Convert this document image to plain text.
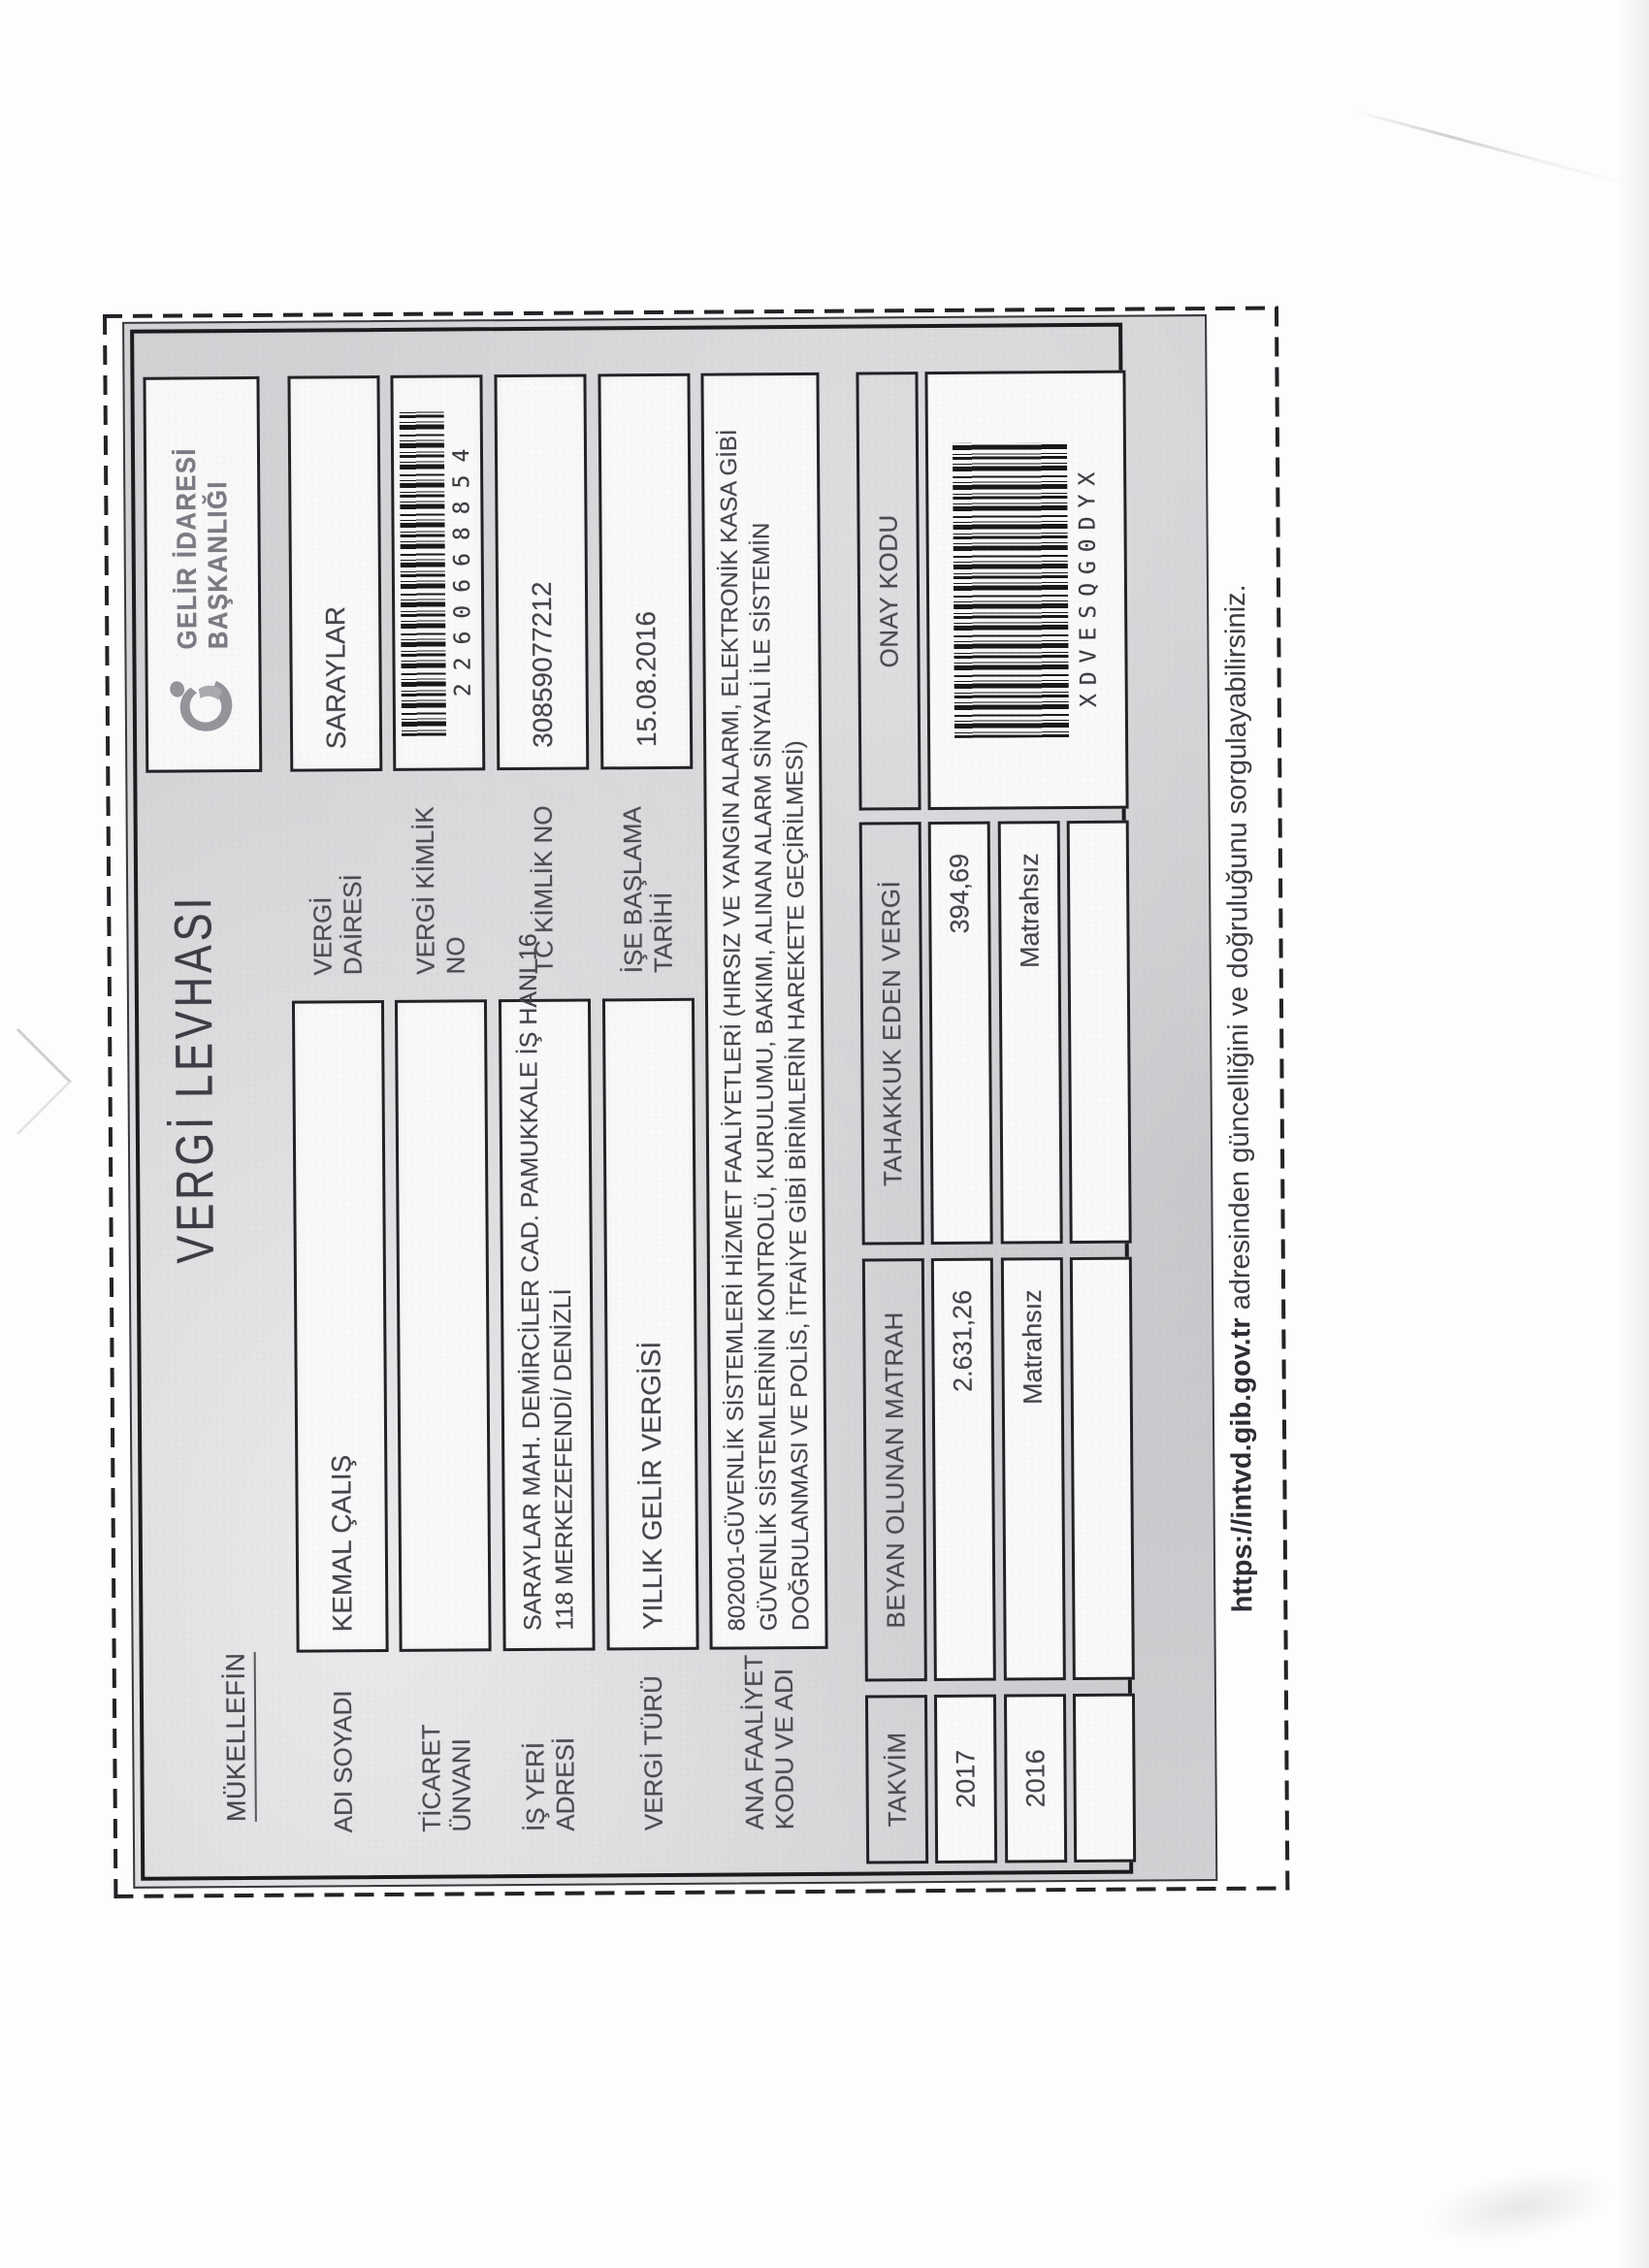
VERGİ LEVHASI
GELİR İDARESİ BAŞKANLIĞI
MÜKELLEFİN	ADI SOYADI
KEMAL ÇALIŞ
TİCARET ÜNVANI İŞ YERİ ADRESİ
SARAYLAR MAH. DEMİRCİLER CAD. PAMUKKALE İŞ HANI 16 118 MERKEZEFENDİ/ DENİZLİ
VERGİ TÜRÜ
YILLIK GELİR VERGİSİ
ANA FAALİYET KODU VE ADI
802001-GÜVENLİK SİSTEMLERİ HİZMET FAALİYETLERİ (HIRSIZ VE YANGIN ALARMI, ELEKTRONİK KASA GİBİ
GÜVENLİK SİSTEMLERİNİN KONTROLÜ, KURULUMU, BAKIMI, ALINAN ALARM SİNYALİ İLE SİSTEMİN DOĞRULANMASI VE POLİS, İTFAİYE GİBİ BİRİMLERİN HAREKETE GEÇİRİLMESİ)
VERGİ DAİRESİ
SARAYLAR
VERGİ KİMLİK NO
2260668854
TC KİMLİK NO
30859077212
İŞE BAŞLAMA TARİHİ
15.08.2016
TAKVİM
BEYAN OLUNAN MATRAH
TAHAKKUK EDEN VERGİ
ONAY KODU
2017
2.631,26
394,69
2016
Matrahsız
Matrahsız
XDVESQG0DYX
https://intvd.gib.gov.tr adresinden güncelliğini ve doğruluğunu sorgulayabilirsiniz.
